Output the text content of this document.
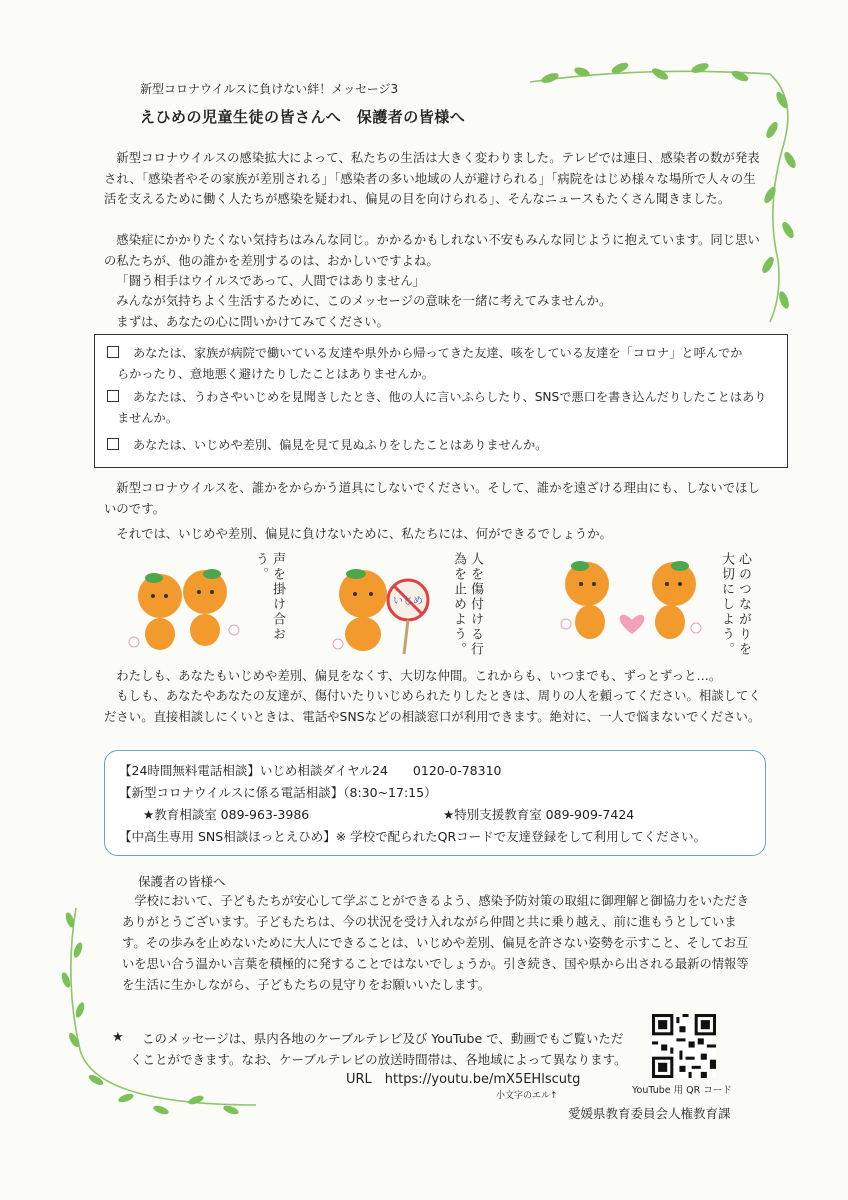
新型コロナウイルスに負けない絆！メッセージ3
えひめの児童生徒の皆さんへ　保護者の皆様へ

新型コロナウイルスの感染拡大によって、私たちの生活は大きく変わりました。テレビでは連日、感染者の数が発表され、「感染者やその家族が差別される」「感染者の多い地域の人が避けられる」「病院をはじめ様々な場所で人々の生活を支えるために働く人たちが感染を疑われ、偏見の目を向けられる」、そんなニュースもたくさん聞きました。

感染症にかかりたくない気持ちはみんな同じ。かかるかもしれない不安もみんな同じように抱えています。同じ思いの私たちが、他の誰かを差別するのは、おかしいですよね。

「闘う相手はウイルスであって、人間ではありません」

みんなが気持ちよく生活するために、このメッセージの意味を一緒に考えてみませんか。

まずは、あなたの心に問いかけてみてください。

あなたは、家族が病院で働いている友達や県外から帰ってきた友達、咳をしている友達を「コロナ」と呼んでか
らかったり、意地悪く避けたりしたことはありませんか。
あなたは、うわさやいじめを見聞きしたとき、他の人に言いふらしたり、SNSで悪口を書き込んだりしたことはあり
ませんか。
あなたは、いじめや差別、偏見を見て見ぬふりをしたことはありませんか。

新型コロナウイルスを、誰かをからかう道具にしないでください。そして、誰かを遠ざける理由にも、しないでほしいのです。

それでは、いじめや差別、偏見に負けないために、私たちには、何ができるでしょうか。

声を掛け合おう。
いじめ	人を傷付ける行為を止めよう。	心のつながりを大切にしよう。

わたしも、あなたもいじめや差別、偏見をなくす、大切な仲間。これからも、いつまでも、ずっとずっと…。

もしも、あなたやあなたの友達が、傷付いたりいじめられたりしたときは、周りの人を頼ってください。相談してください。直接相談しにくいときは、電話やSNSなどの相談窓口が利用できます。絶対に、一人で悩まないでください。

【24時間無料電話相談】いじめ相談ダイヤル24　　0120-0-78310
【新型コロナウイルスに係る電話相談】（8:30~17:15）
★教育相談室 089-963-3986	★特別支援教育室 089-909-7424
【中高生専用 SNS相談ほっとえひめ】※ 学校で配られたQRコードで友達登録をして利用してください。
保護者の皆様へ

学校において、子どもたちが安心して学ぶことができるよう、感染予防対策の取組に御理解と御協力をいただきありがとうございます。子どもたちは、今の状況を受け入れながら仲間と共に乗り越え、前に進もうとしています。その歩みを止めないために大人にできることは、いじめや差別、偏見を許さない姿勢を示すこと、そしてお互いを思い合う温かい言葉を積極的に発することではないでしょうか。引き続き、国や県から出される最新の情報等を生活に生かしながら、子どもたちの見守りをお願いいたします。

★	このメッセージは、県内各地のケーブルテレビ及び YouTube で、動画でもご覧いただくことができます。なお、ケーブルテレビの放送時間帯は、各地域によって異なります。
URL　https://youtu.be/mX5EHlscutg
小文字のエル↑	YouTube 用 QR コード
愛媛県教育委員会人権教育課
